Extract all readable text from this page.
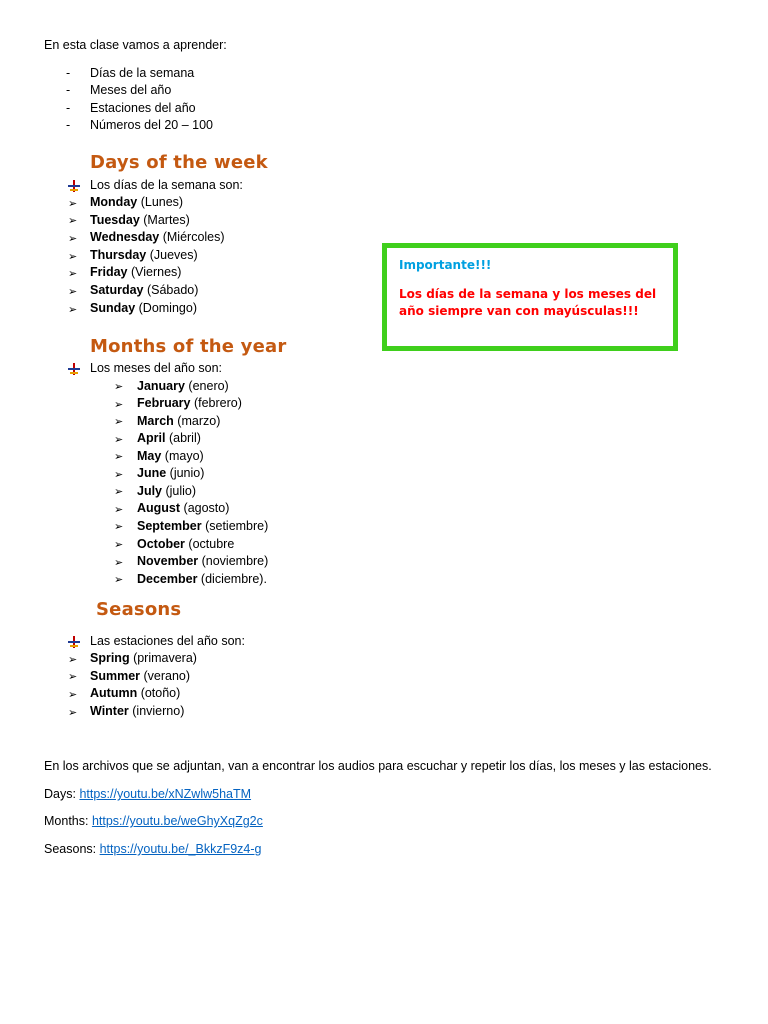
En esta clase vamos a aprender:
- Días de la semana
- Meses del año
- Estaciones del año
- Números del 20 – 100
Days of the week
Los días de la semana son:
➢ Monday (Lunes)
➢ Tuesday (Martes)
➢ Wednesday (Miércoles)
➢ Thursday (Jueves)
➢ Friday (Viernes)
➢ Saturday (Sábado)
➢ Sunday (Domingo)
Importante!!!
Los días de la semana y los meses del año siempre van con mayúsculas!!!
Months of the year
Los meses del año son:
➢ January (enero)
➢ February (febrero)
➢ March (marzo)
➢ April (abril)
➢ May (mayo)
➢ June (junio)
➢ July (julio)
➢ August (agosto)
➢ September (setiembre)
➢ October (octubre
➢ November (noviembre)
➢ December (diciembre).
Seasons
Las estaciones del año son:
➢ Spring (primavera)
➢ Summer (verano)
➢ Autumn (otoño)
➢ Winter (invierno)
En los archivos que se adjuntan, van a encontrar los audios para escuchar y repetir los días, los meses y las estaciones.
Days: https://youtu.be/xNZwlw5haTM
Months: https://youtu.be/weGhyXqZg2c
Seasons: https://youtu.be/_BkkzF9z4-g
